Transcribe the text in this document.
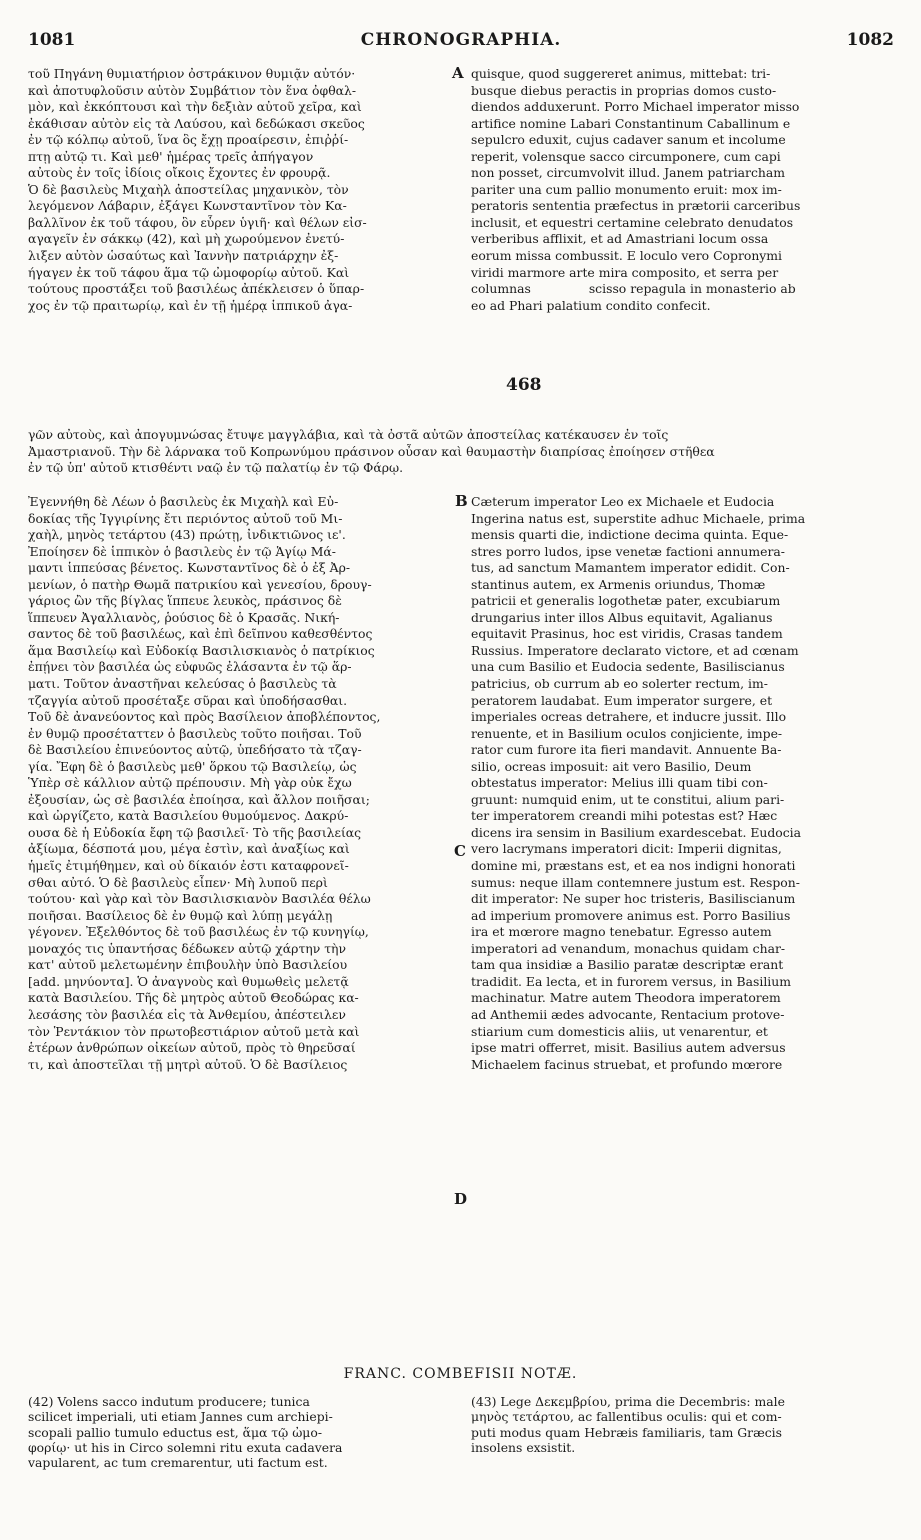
1081	CHRONOGRAPHIA.	1082
τοῦ Πηγάνη θυμιατήριον ὀστράκινον θυμιᾷν αὐτόν·
καὶ ἀποτυφλοῦσιν αὐτὸν Συμβάτιον τὸν ἕνα ὀφθαλ-
μὸν, καὶ ἐκκόπτουσι καὶ τὴν δεξιὰν αὐτοῦ χεῖρα, καὶ
ἐκάθισαν αὐτὸν εἰς τὰ Λαύσου, καὶ δεδώκασι σκεῦος
ἐν τῷ κόλπῳ αὐτοῦ, ἵνα ὃς ἔχῃ προαίρεσιν, ἐπιῤῥί-
πτῃ αὐτῷ τι. Καὶ μεθ' ἡμέρας τρεῖς ἀπήγαγον
αὐτοὺς ἐν τοῖς ἰδίοις οἴκοις ἔχοντες ἐν φρουρᾷ.
Ὁ δὲ βασιλεὺς Μιχαὴλ ἀποστείλας μηχανικὸν, τὸν
λεγόμενον Λάβαριν, ἐξάγει Κωνσταντῖνον τὸν Κα-
βαλλῖνον ἐκ τοῦ τάφου, ὃν εὗρεν ὑγιῆ· καὶ θέλων εἰσ-
αγαγεῖν ἐν σάκκῳ (42), καὶ μὴ χωρούμενον ἐνετύ-
λιξεν αὐτὸν ὡσαύτως καὶ Ἰαννὴν πατριάρχην ἐξ-
ήγαγεν ἐκ τοῦ τάφου ἅμα τῷ ὠμοφορίῳ αὐτοῦ. Καὶ
τούτους προστάξει τοῦ βασιλέως ἀπέκλεισεν ὁ ὕπαρ-
χος ἐν τῷ πραιτωρίῳ, καὶ ἐν τῇ ἡμέρᾳ ἱππικοῦ ἀγα-
quisque, quod suggereret animus, mittebat: tri-
busque diebus peractis in proprias domos custo-
diendos adduxerunt. Porro Michael imperator misso
artifice nomine Labari Constantinum Caballinum e
sepulcro eduxit, cujus cadaver sanum et incolume
reperit, volensque sacco circumponere, cum capi
non posset, circumvolvit illud. Janem patriarcham
pariter una cum pallio monumento eruit: mox im-
peratoris sententia præfectus in prætorii carceribus
inclusit, et equestri certamine celebrato denudatos
verberibus afflixit, et ad Amastriani locum ossa
eorum missa combussit. E loculo vero Copronymi
viridi marmore arte mira composito, et serra per
columnas	scisso repagula in monasterio ab
eo ad Phari palatium condito confecit.
468
γῶν αὐτοὺς, καὶ ἀπογυμνώσας ἔτυψε μαγγλάβια, καὶ τὰ ὀστᾶ αὐτῶν ἀποστείλας κατέκαυσεν ἐν τοῖς
Ἀμαστριανοῦ. Τὴν δὲ λάρνακα τοῦ Κοπρωνύμου πράσινον οὖσαν καὶ θαυμαστὴν διαπρίσας ἐποίησεν στῆθεα
ἐν τῷ ὑπ' αὐτοῦ κτισθέντι ναῷ ἐν τῷ παλατίῳ ἐν τῷ Φάρῳ.
Ἐγεννήθη δὲ Λέων ὁ βασιλεὺς ἐκ Μιχαὴλ καὶ Εὐ-
δοκίας τῆς Ἰγγιρίνης ἔτι περιόντος αὐτοῦ τοῦ Μι-
χαὴλ, μηνὸς τετάρτου (43) πρώτῃ, ἰνδικτιῶνος ιε'.
Ἐποίησεν δὲ ἱππικὸν ὁ βασιλεὺς ἐν τῷ Ἁγίῳ Μά-
μαντι ἱππεύσας βένετος. Κωνσταντῖνος δὲ ὁ ἐξ Ἀρ-
μενίων, ὁ πατὴρ Θωμᾶ πατρικίου καὶ γενεσίου, δρουγ-
γάριος ὢν τῆς βίγλας ἵππευε λευκὸς, πράσινος δὲ
ἵππευεν Ἀγαλλιανὸς, ῥούσιος δὲ ὁ Κρασᾶς. Νική-
σαντος δὲ τοῦ βασιλέως, καὶ ἐπὶ δεῖπνου καθεσθέντος
ἅμα Βασιλείῳ καὶ Εὐδοκίᾳ Βασιλισκιανὸς ὁ πατρίκιος
ἐπῄνει τὸν βασιλέα ὡς εὐφυῶς ἐλάσαντα ἐν τῷ ἅρ-
ματι. Τοῦτον ἀναστῆναι κελεύσας ὁ βασιλεὺς τὰ
τζαγγία αὐτοῦ προσέταξε σῦραι καὶ ὑποδήσασθαι.
Τοῦ δὲ ἀνανεύοντος καὶ πρὸς Βασίλειον ἀποβλέποντος,
ἐν θυμῷ προσέταττεν ὁ βασιλεὺς τοῦτο ποιῆσαι. Τοῦ
δὲ Βασιλείου ἐπινεύοντος αὐτῷ, ὑπεδήσατο τὰ τζαγ-
γία. Ἔφη δὲ ὁ βασιλεὺς μεθ' ὅρκου τῷ Βασιλείῳ, ὡς
Ὑπὲρ σὲ κάλλιον αὐτῷ πρέπουσιν. Μὴ γὰρ οὐκ ἔχω
ἐξουσίαν, ὡς σὲ βασιλέα ἐποίησα, καὶ ἄλλον ποιῆσαι;
καὶ ὠργίζετο, κατὰ Βασιλείου θυμούμενος. Δακρύ-
ουσα δὲ ἡ Εὐδοκία ἔφη τῷ βασιλεῖ· Τὸ τῆς βασιλείας
ἀξίωμα, δέσποτά μου, μέγα ἐστὶν, καὶ ἀναξίως καὶ
ἡμεῖς ἐτιμήθημεν, καὶ οὐ δίκαιόν ἐστι καταφρονεῖ-
σθαι αὐτό. Ὁ δὲ βασιλεὺς εἶπεν· Μὴ λυποῦ περὶ
τούτου· καὶ γὰρ καὶ τὸν Βασιλισκιανὸν Βασιλέα θέλω
ποιῆσαι. Βασίλειος δὲ ἐν θυμῷ καὶ λύπῃ μεγάλῃ
γέγονεν. Ἐξελθόντος δὲ τοῦ βασιλέως ἐν τῷ κυνηγίῳ,
μοναχός τις ὑπαντήσας δέδωκεν αὐτῷ χάρτην τὴν
κατ' αὐτοῦ μελετωμένην ἐπιβουλὴν ὑπὸ Βασιλείου
[add. μηνύοντα]. Ὁ ἀναγνοὺς καὶ θυμωθεὶς μελετᾷ
κατὰ Βασιλείου. Τῆς δὲ μητρὸς αὐτοῦ Θεοδώρας κα-
λεσάσης τὸν βασιλέα εἰς τὰ Ἀνθεμίου, ἀπέστειλεν
τὸν Ῥεντάκιον τὸν πρωτοβεστιάριον αὐτοῦ μετὰ καὶ
ἑτέρων ἀνθρώπων οἰκείων αὐτοῦ, πρὸς τὸ θηρεῦσαί
τι, καὶ ἀποστεῖλαι τῇ μητρὶ αὐτοῦ. Ὁ δὲ Βασίλειος
Cæterum imperator Leo ex Michaele et Eudocia
Ingerina natus est, superstite adhuc Michaele, prima
mensis quarti die, indictione decima quinta. Eque-
stres porro ludos, ipse venetæ factioni annumera-
tus, ad sanctum Mamantem imperator edidit. Con-
stantinus autem, ex Armenis oriundus, Thomæ
patricii et generalis logothetæ pater, excubiarum
drungarius inter illos Albus equitavit, Agalianus
equitavit Prasinus, hoc est viridis, Crasas tandem
Russius. Imperatore declarato victore, et ad cœnam
una cum Basilio et Eudocia sedente, Basiliscianus
patricius, ob currum ab eo solerter rectum, im-
peratorem laudabat. Eum imperator surgere, et
imperiales ocreas detrahere, et inducre jussit. Illo
renuente, et in Basilium oculos conjiciente, impe-
rator cum furore ita fieri mandavit. Annuente Ba-
silio, ocreas imposuit: ait vero Basilio, Deum
obtestatus imperator: Melius illi quam tibi con-
gruunt: numquid enim, ut te constitui, alium pari-
ter imperatorem creandi mihi potestas est? Hæc
dicens ira sensim in Basilium exardescebat. Eudocia
vero lacrymans imperatori dicit: Imperii dignitas,
domine mi, præstans est, et ea nos indigni honorati
sumus: neque illam contemnere justum est. Respon-
dit imperator: Ne super hoc tristeris, Basiliscianum
ad imperium promovere animus est. Porro Basilius
ira et mœrore magno tenebatur. Egresso autem
imperatori ad venandum, monachus quidam char-
tam qua insidiæ a Basilio paratæ descriptæ erant
tradidit. Ea lecta, et in furorem versus, in Basilium
machinatur. Matre autem Theodora imperatorem
ad Anthemii ædes advocante, Rentacium protove-
stiarium cum domesticis aliis, ut venarentur, et
ipse matri offerret, misit. Basilius autem adversus
Michaelem facinus struebat, et profundo mœrore
A
B
C
D
FRANC. COMBEFISII NOTÆ.
(42) Volens sacco indutum producere; tunica
scilicet imperiali, uti etiam Jannes cum archiepi-
scopali pallio tumulo eductus est, ἅμα τῷ ὠμο-
φορίῳ· ut his in Circo solemni ritu exuta cadavera
vapularent, ac tum cremarentur, uti factum est.
(43) Lege Δεκεμβρίου, prima die Decembris: male
μηνὸς τετάρτου, ac fallentibus oculis: qui et com-
puti modus quam Hebræis familiaris, tam Græcis
insolens exsistit.
